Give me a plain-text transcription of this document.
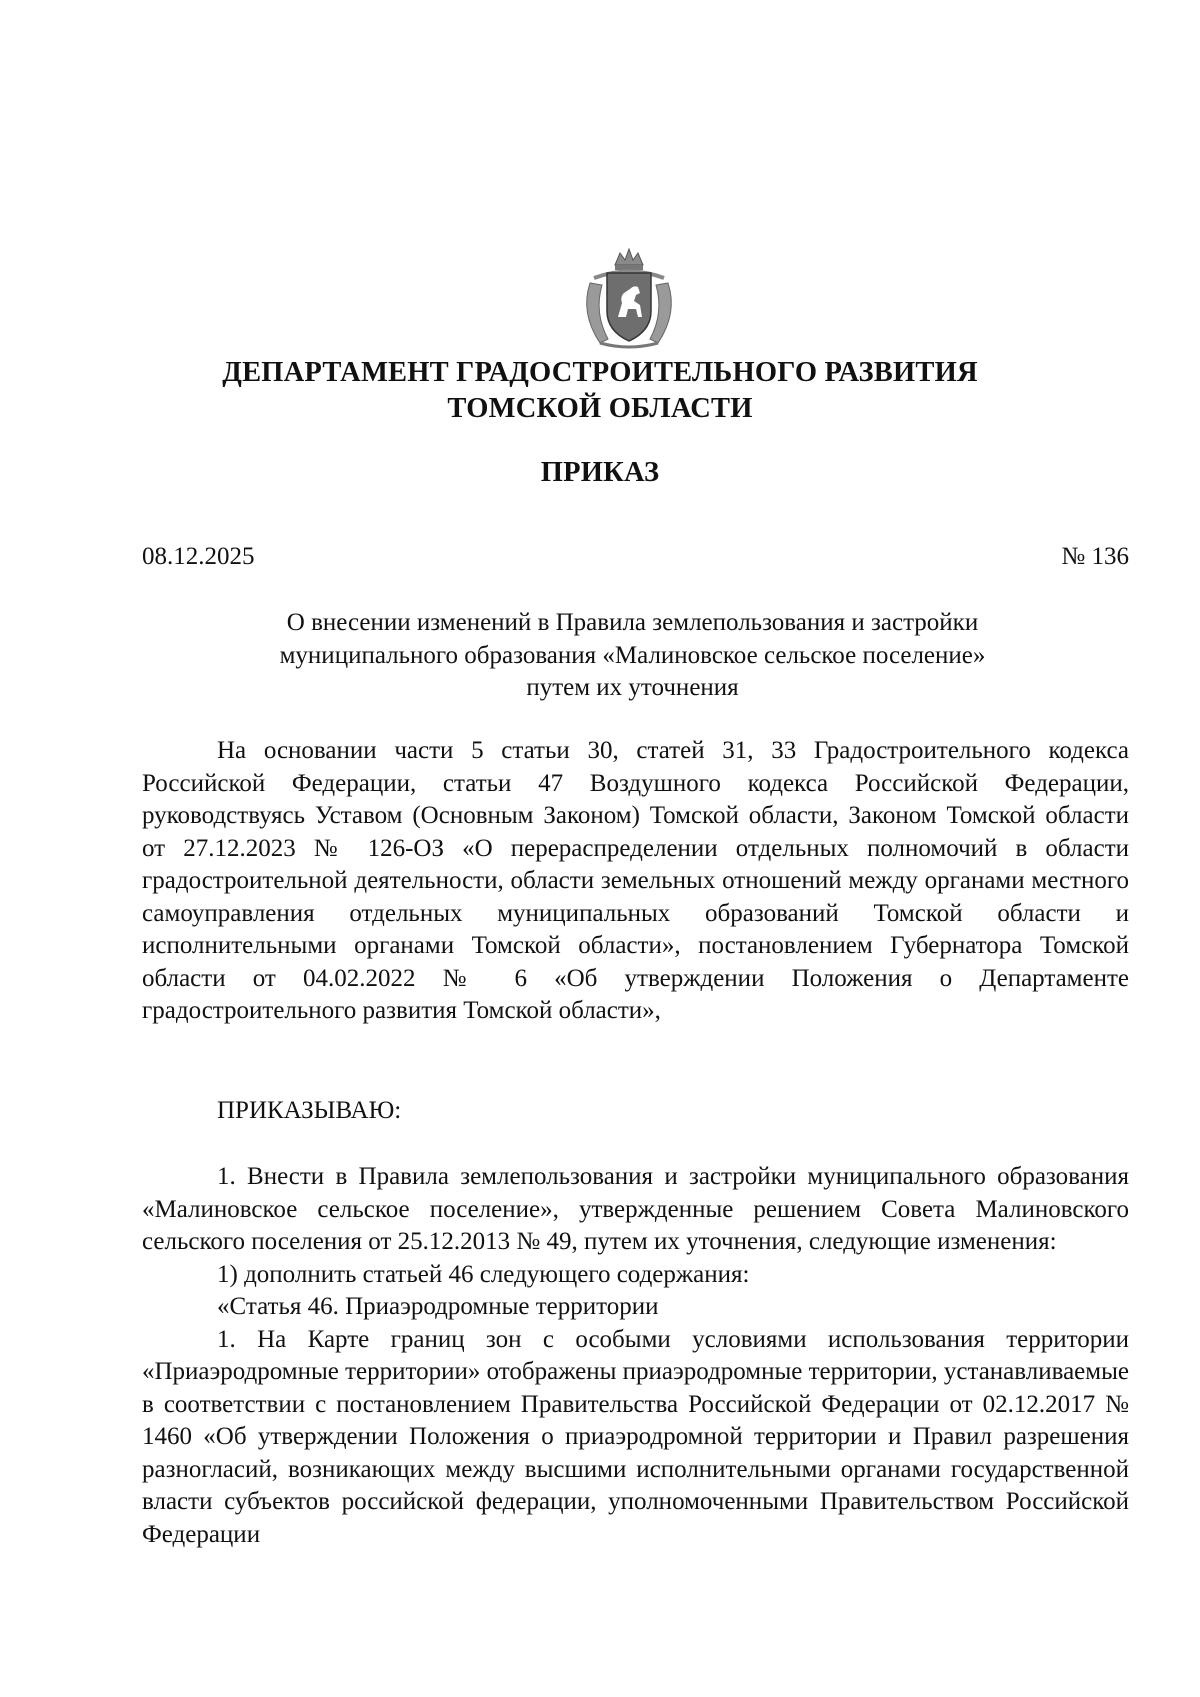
ДЕПАРТАМЕНТ ГРАДОСТРОИТЕЛЬНОГО РАЗВИТИЯ
ТОМСКОЙ ОБЛАСТИ
ПРИКАЗ
08.12.2025	№ 136
О внесении изменений в Правила землепользования и застройки
муниципального образования «Малиновское сельское поселение»
путем их уточнения

На основании части 5 статьи 30, статей 31, 33 Градостроительного кодекса Российской Федерации, статьи 47 Воздушного кодекса Российской Федерации, руководствуясь Уставом (Основным Законом) Томской области, Законом Томской области от 27.12.2023 № 126-ОЗ «О перераспределении отдельных полномочий в области градостроительной деятельности, области земельных отношений между органами местного самоуправления отдельных муниципальных образований Томской области и исполнительными органами Томской области», постановлением Губернатора Томской области от 04.02.2022 № 6 «Об утверждении Положения о Департаменте градостроительного развития Томской области»,

ПРИКАЗЫВАЮ:

1. Внести в Правила землепользования и застройки муниципального образования «Малиновское сельское поселение», утвержденные решением Совета Малиновского сельского поселения от 25.12.2013 № 49, путем их уточнения, следующие изменения:

1) дополнить статьей 46 следующего содержания:

«Статья 46. Приаэродромные территории

1. На Карте границ зон с особыми условиями использования территории «Приаэродромные территории» отображены приаэродромные территории, устанавливаемые в соответствии с постановлением Правительства Российской Федерации от 02.12.2017 № 1460 «Об утверждении Положения о приаэродромной территории и Правил разрешения разногласий, возникающих между высшими исполнительными органами государственной власти субъектов российской федерации, уполномоченными Правительством Российской Федерации
